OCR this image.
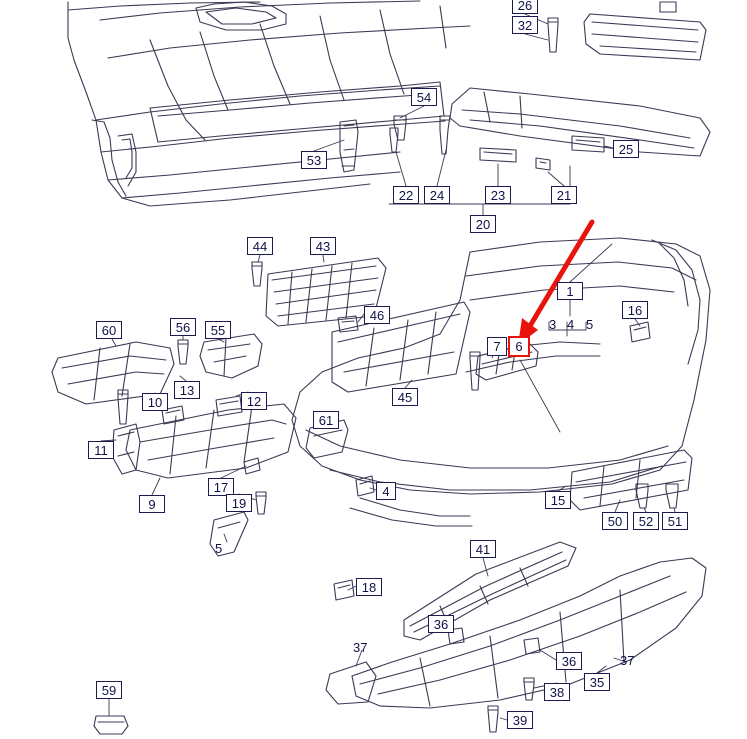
26
32
54
53
22	24	23	21
25
20
44	43
46
60	56	55
13
10	12
11
9
17
19
45
61
4
18
7	6
1
16
15
50	52	51
41
36
36
35
38
39
59
3 4 5
5
37
37
